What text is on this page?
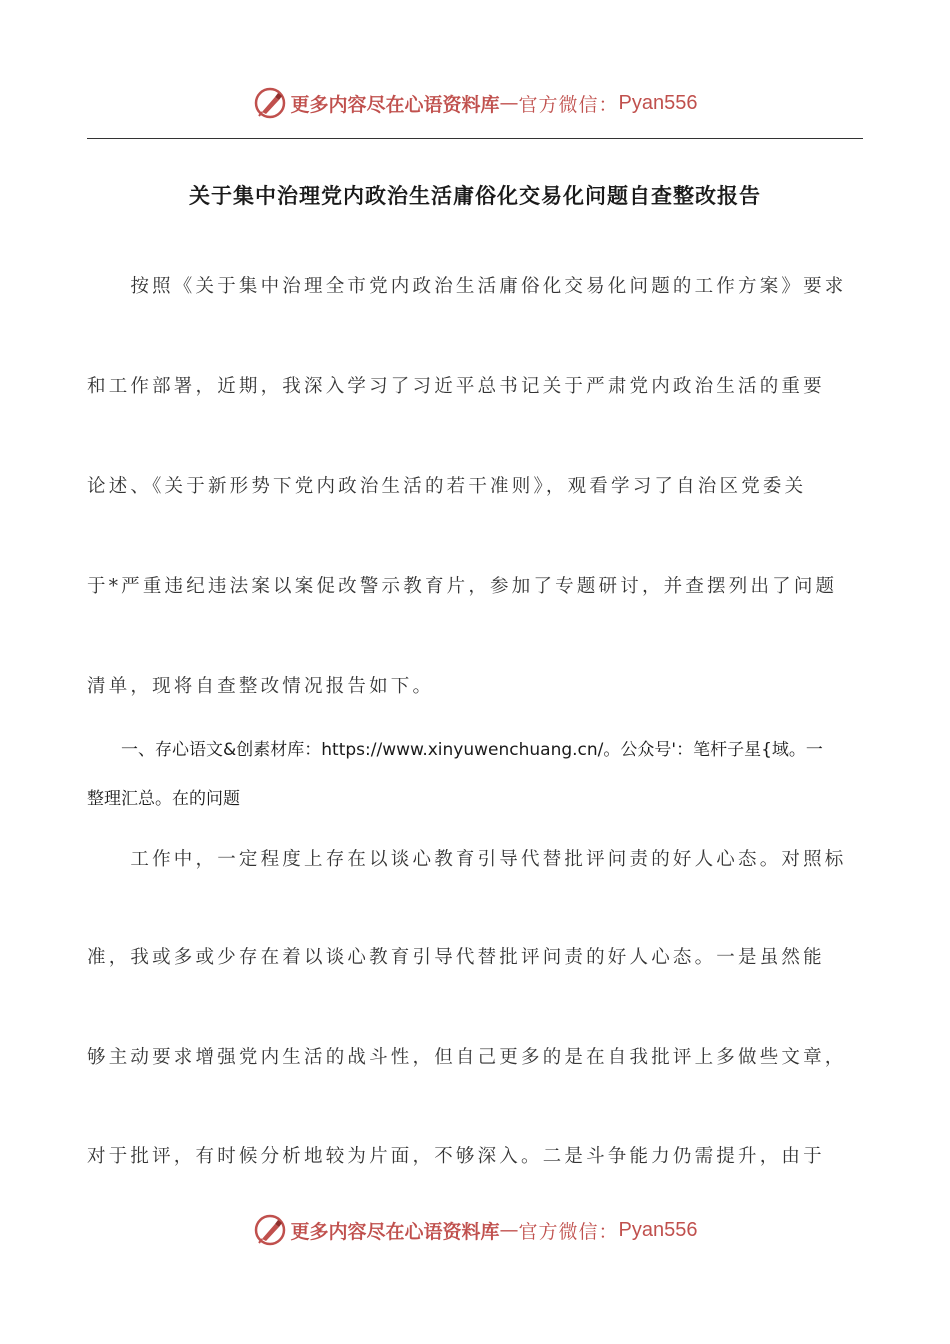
更多内容尽在心语资料库 — 官方微信： Pyan556
关于集中治理党内政治生活庸俗化交易化问题自查整改报告
　　按照《关于集中治理全市党内政治生活庸俗化交易化问题的工作方案》要求
和工作部署，近期，我深入学习了习近平总书记关于严肃党内政治生活的重要
论述、《关于新形势下党内政治生活的若干准则》，观看学习了自治区党委关
于*严重违纪违法案以案促改警示教育片，参加了专题研讨，并查摆列出了问题
清单，现将自查整改情况报告如下。
　　一、存心语文&创素材库：https://www.xinyuwenchuang.cn/。公众号'：笔杆子星{域。一
整理汇总。在的问题
　　工作中，一定程度上存在以谈心教育引导代替批评问责的好人心态。对照标
准，我或多或少存在着以谈心教育引导代替批评问责的好人心态。一是虽然能
够主动要求增强党内生活的战斗性，但自己更多的是在自我批评上多做些文章，
对于批评，有时候分析地较为片面，不够深入。二是斗争能力仍需提升，由于
更多内容尽在心语资料库 — 官方微信： Pyan556
